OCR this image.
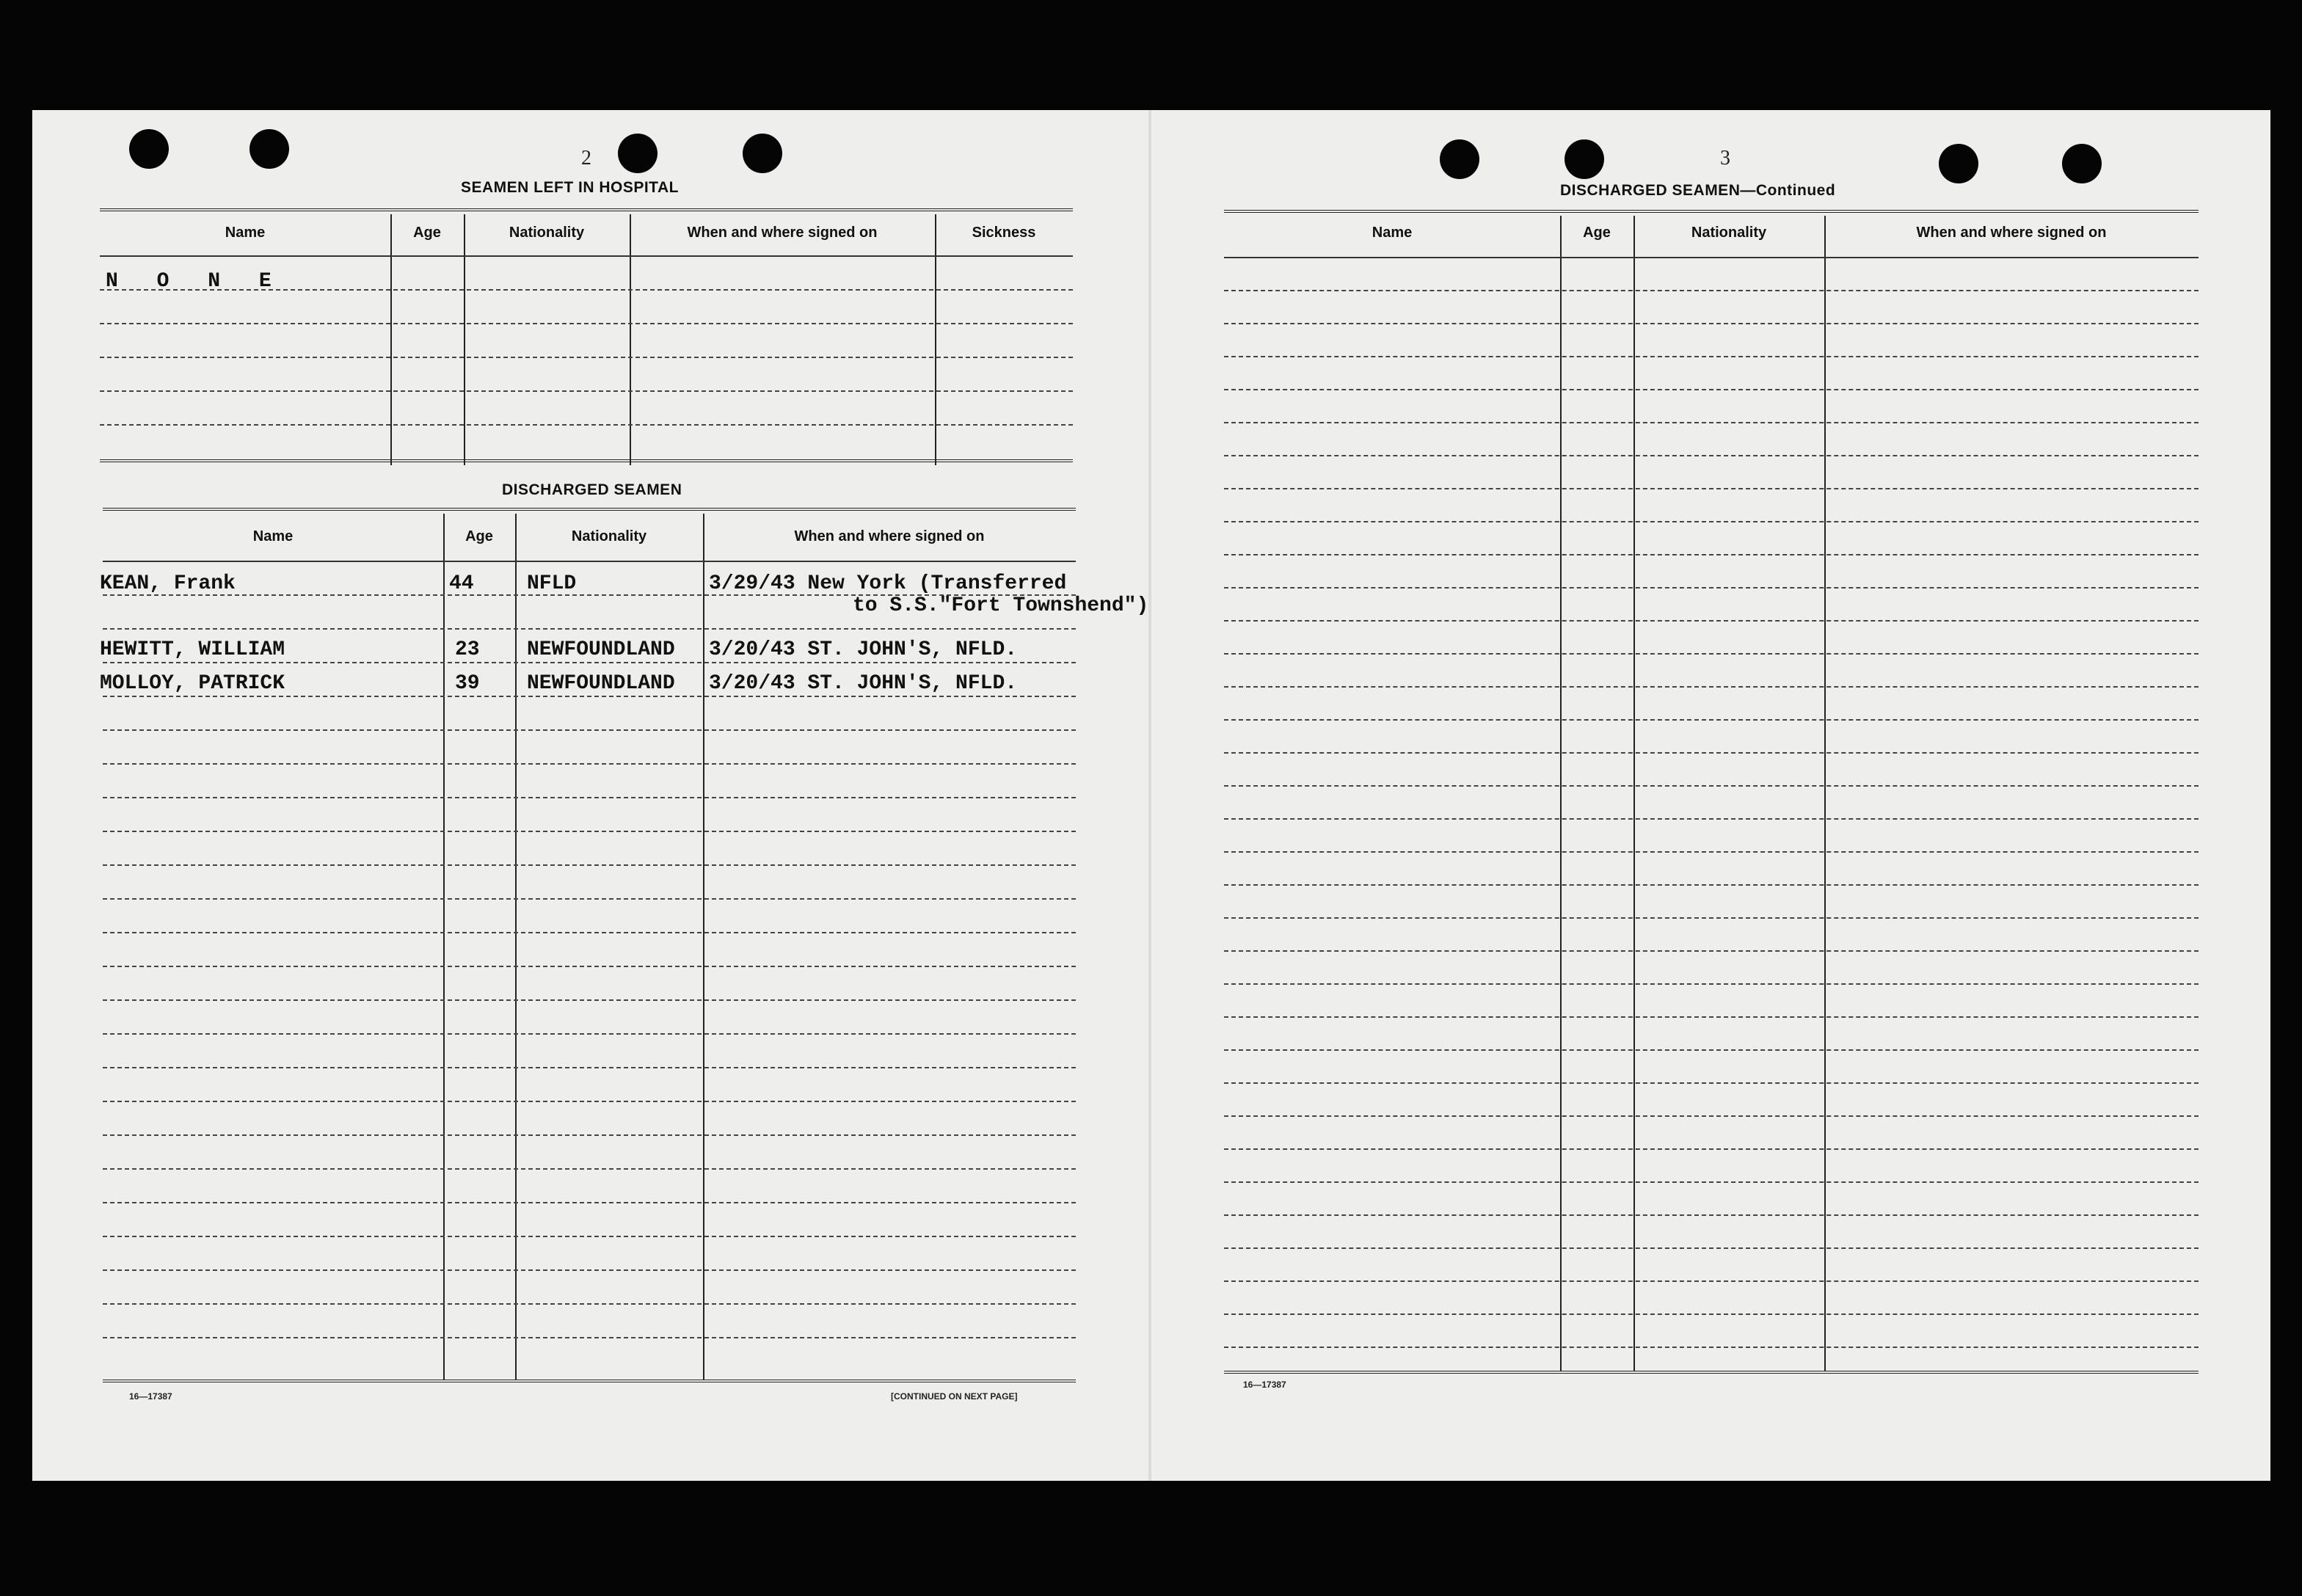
2
SEAMEN LEFT IN HOSPITAL
Name	Age	Nationality	When and where signed on	Sickness
N O N E
DISCHARGED SEAMEN
Name	Age	Nationality	When and where signed on
KEAN, Frank	44	NFLD	3/29/43 New York (Transferred
to S.S."Fort Townshend")
HEWITT, WILLIAM	23 NEWFOUNDLAND 3/20/43 ST. JOHN'S, NFLD.
MOLLOY, PATRICK	39 NEWFOUNDLAND 3/20/43 ST. JOHN'S, NFLD.
16—17387	[CONTINUED ON NEXT PAGE]
3
DISCHARGED SEAMEN—Continued
Name	Age	Nationality	When and where signed on
16—17387
